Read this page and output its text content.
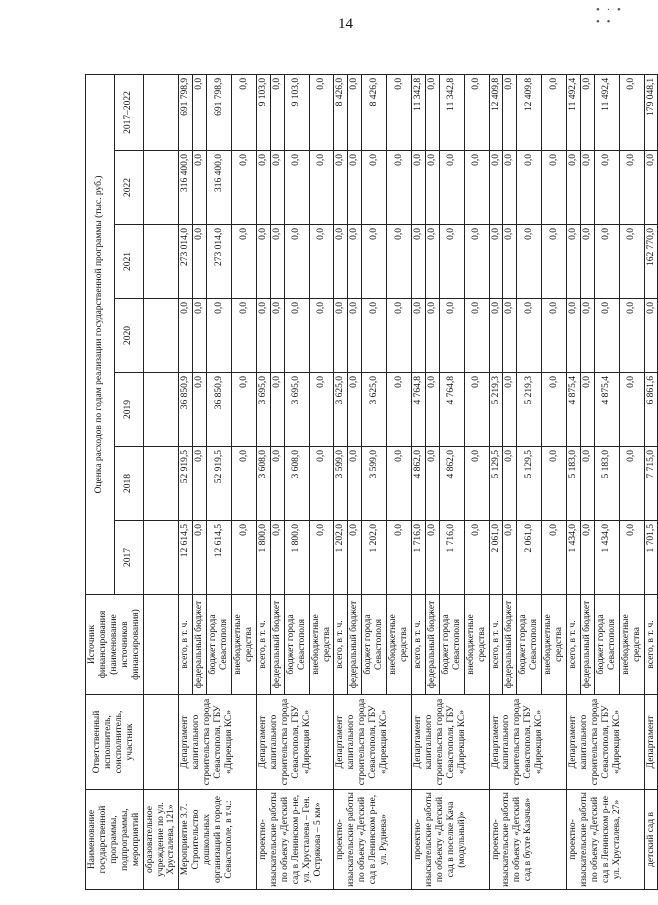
14
• · • • •
Наименование государственной программы, подпрограммы, мероприятий	Ответственный исполнитель, соисполнитель, участник	Источник финансирования (наименование источников финансирования)	Оценка расходов по годам реализации государственной программы (тыс. руб.)						
			2017	2018	2019	2020	2021	2022	2017–2022
образовательное учреждение по ул. Хрусталева, 121»									
Мероприятие 3.7. Строительство дошкольных организаций в городе Севастополе, в т.ч.:	Департамент капитального строительства города Севастополя, ГБУ «Дирекция КС»	всего, в т. ч.	12 614,5	52 919,5	36 850,9	0,0	273 014,0	316 400,0	691 798,9
		федеральный бюджет	0,0	0,0	0,0	0,0	0,0	0,0	0,0
		бюджет города Севастополя	12 614,5	52 919,5	36 850,9	0,0	273 014,0	316 400,0	691 798,9
		внебюджетные средства	0,0	0,0	0,0	0,0	0,0	0,0	0,0
проектно-изыскательские работы по объекту «Детский сад в Ленинском р-не, ул. Хрусталева – Ген. Острякова – 5 км»	Департамент капитального строительства города Севастополя, ГБУ «Дирекция КС»	всего, в т. ч.	1 800,0	3 608,0	3 695,0	0,0	0,0	0,0	9 103,0
		федеральный бюджет	0,0	0,0	0,0	0,0	0,0	0,0	0,0
		бюджет города Севастополя	1 800,0	3 608,0	3 695,0	0,0	0,0	0,0	9 103,0
		внебюджетные средства	0,0	0,0	0,0	0,0	0,0	0,0	0,0
проектно-изыскательские работы по объекту «Детский сад в Ленинском р-не, ул. Руднева»	Департамент капитального строительства города Севастополя, ГБУ «Дирекция КС»	всего, в т. ч.	1 202,0	3 599,0	3 625,0	0,0	0,0	0,0	8 426,0
		федеральный бюджет	0,0	0,0	0,0	0,0	0,0	0,0	0,0
		бюджет города Севастополя	1 202,0	3 599,0	3 625,0	0,0	0,0	0,0	8 426,0
		внебюджетные средства	0,0	0,0	0,0	0,0	0,0	0,0	0,0
проектно-изыскательские работы по объекту «Детский сад в поселке Кача (модульный)»	Департамент капитального строительства города Севастополя, ГБУ «Дирекция КС»	всего, в т. ч.	1 716,0	4 862,0	4 764,8	0,0	0,0	0,0	11 342,8
		федеральный бюджет	0,0	0,0	0,0	0,0	0,0	0,0	0,0
		бюджет города Севастополя	1 716,0	4 862,0	4 764,8	0,0	0,0	0,0	11 342,8
		внебюджетные средства	0,0	0,0	0,0	0,0	0,0	0,0	0,0
проектно-изыскательские работы по объекту «Детский сад в бухте Казачья»	Департамент капитального строительства города Севастополя, ГБУ «Дирекция КС»	всего, в т. ч.	2 061,0	5 129,5	5 219,3	0,0	0,0	0,0	12 409,8
		федеральный бюджет	0,0	0,0	0,0	0,0	0,0	0,0	0,0
		бюджет города Севастополя	2 061,0	5 129,5	5 219,3	0,0	0,0	0,0	12 409,8
		внебюджетные средства	0,0	0,0	0,0	0,0	0,0	0,0	0,0
проектно-изыскательские работы по объекту «Детский сад в Ленинском р-не ул. Хрусталева, 27»	Департамент капитального строительства города Севастополя, ГБУ «Дирекция КС»	всего, в т. ч.	1 434,0	5 183,0	4 875,4	0,0	0,0	0,0	11 492,4
		федеральный бюджет	0,0	0,0	0,0	0,0	0,0	0,0	0,0
		бюджет города Севастополя	1 434,0	5 183,0	4 875,4	0,0	0,0	0,0	11 492,4
		внебюджетные средства	0,0	0,0	0,0	0,0	0,0	0,0	0,0
детский сад в	Департамент	всего, в т. ч.	1 701,5	7 715,0	6 861,6	0,0	162 770,0	0,0	179 048,1
